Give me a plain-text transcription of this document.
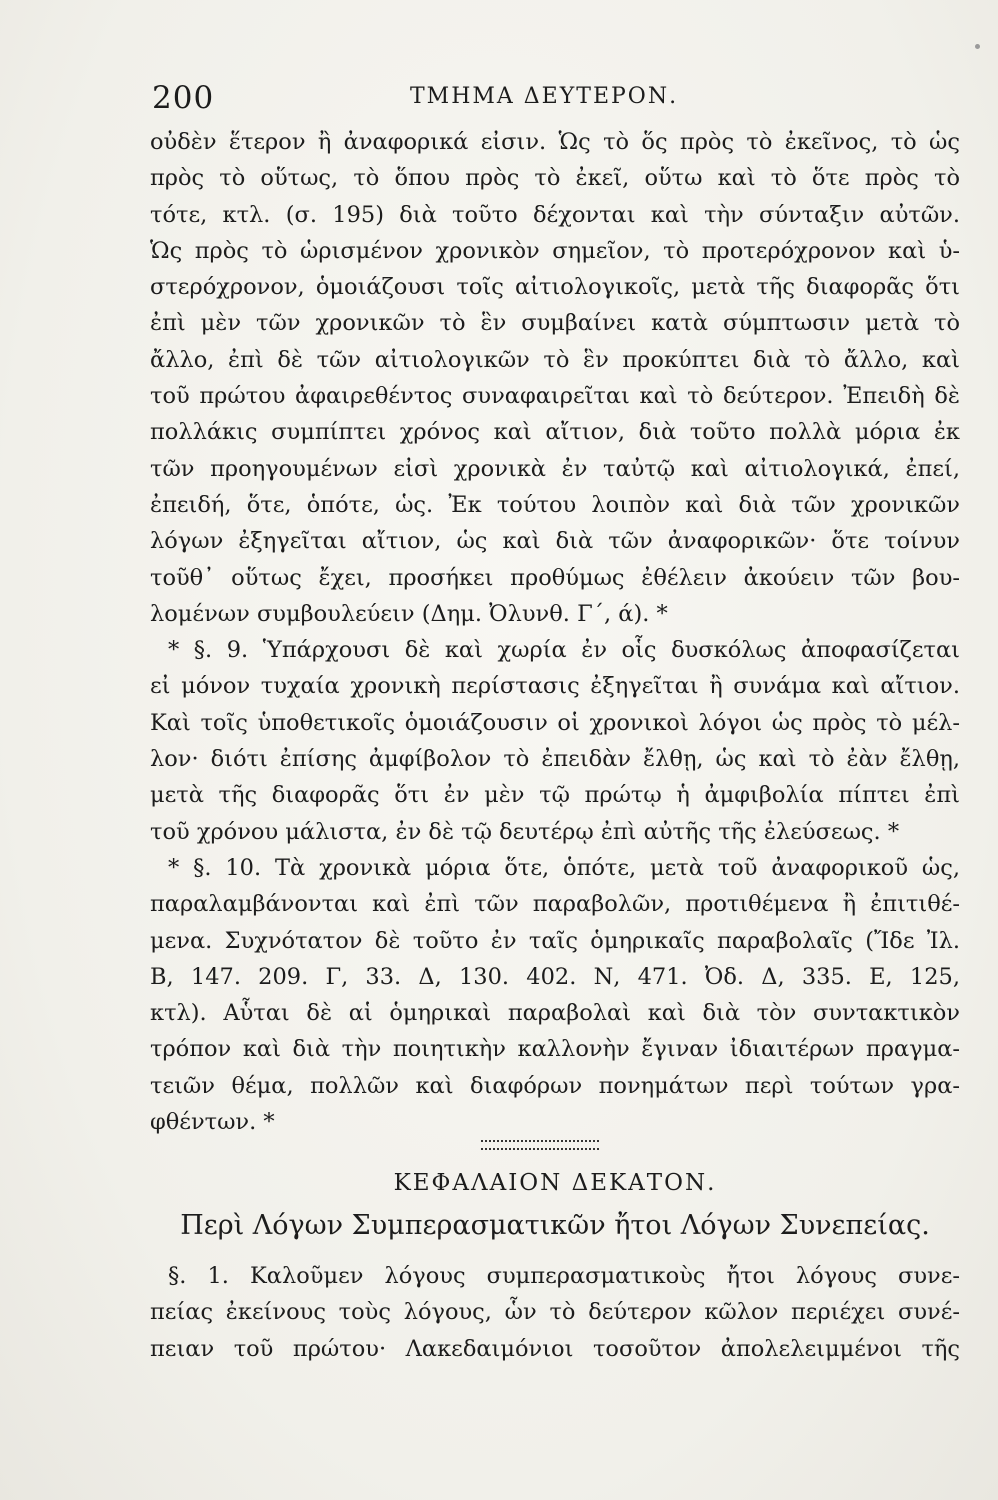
200	ΤΜΗΜΑ ΔΕΥΤΕΡΟΝ.
οὐδὲν ἕτερον ἢ ἀναφορικά εἰσιν. Ὡς τὸ ὅς πρὸς τὸ ἐκεῖνος, τὸ ὡς
πρὸς τὸ οὕτως, τὸ ὅπου πρὸς τὸ ἐκεῖ, οὕτω καὶ τὸ ὅτε πρὸς τὸ
τότε, κτλ. (σ. 195) διὰ τοῦτο δέχονται καὶ τὴν σύνταξιν αὐτῶν.
Ὡς πρὸς τὸ ὡρισμένον χρονικὸν σημεῖον, τὸ προτερόχρονον καὶ ὑ-
στερόχρονον, ὁμοιάζουσι τοῖς αἰτιολογικοῖς, μετὰ τῆς διαφορᾶς ὅτι
ἐπὶ μὲν τῶν χρονικῶν τὸ ἓν συμβαίνει κατὰ σύμπτωσιν μετὰ τὸ
ἄλλο, ἐπὶ δὲ τῶν αἰτιολογικῶν τὸ ἓν προκύπτει διὰ τὸ ἄλλο, καὶ
τοῦ πρώτου ἀφαιρεθέντος συναφαιρεῖται καὶ τὸ δεύτερον. Ἐπειδὴ δὲ
πολλάκις συμπίπτει χρόνος καὶ αἴτιον, διὰ τοῦτο πολλὰ μόρια ἐκ
τῶν προηγουμένων εἰσὶ χρονικὰ ἐν ταὐτῷ καὶ αἰτιολογικά, ἐπεί,
ἐπειδή, ὅτε, ὁπότε, ὡς. Ἐκ τούτου λοιπὸν καὶ διὰ τῶν χρονικῶν
λόγων ἐξηγεῖται αἴτιον, ὡς καὶ διὰ τῶν ἀναφορικῶν· ὅτε τοίνυν
τοῦθ᾽ οὕτως ἔχει, προσήκει προθύμως ἐθέλειν ἀκούειν τῶν βου-
λομένων συμβουλεύειν (Δημ. Ὀλυνθ. Γ΄, ά). *
* §. 9. Ὑπάρχουσι δὲ καὶ χωρία ἐν οἷς δυσκόλως ἀποφασίζεται
εἰ μόνον τυχαία χρονικὴ περίστασις ἐξηγεῖται ἢ συνάμα καὶ αἴτιον.
Καὶ τοῖς ὑποθετικοῖς ὁμοιάζουσιν οἱ χρονικοὶ λόγοι ὡς πρὸς τὸ μέλ-
λον· διότι ἐπίσης ἀμφίβολον τὸ ἐπειδὰν ἔλθῃ, ὡς καὶ τὸ ἐὰν ἔλθῃ,
μετὰ τῆς διαφορᾶς ὅτι ἐν μὲν τῷ πρώτῳ ἡ ἀμφιβολία πίπτει ἐπὶ
τοῦ χρόνου μάλιστα, ἐν δὲ τῷ δευτέρῳ ἐπὶ αὐτῆς τῆς ἐλεύσεως. *
* §. 10. Τὰ χρονικὰ μόρια ὅτε, ὁπότε, μετὰ τοῦ ἀναφορικοῦ ὡς,
παραλαμβάνονται καὶ ἐπὶ τῶν παραβολῶν, προτιθέμενα ἢ ἐπιτιθέ-
μενα. Συχνότατον δὲ τοῦτο ἐν ταῖς ὁμηρικαῖς παραβολαῖς (Ἴδε Ἰλ.
Β, 147. 209. Γ, 33. Δ, 130. 402. Ν, 471. Ὀδ. Δ, 335. Ε, 125,
κτλ). Αὗται δὲ αἱ ὁμηρικαὶ παραβολαὶ καὶ διὰ τὸν συντακτικὸν
τρόπον καὶ διὰ τὴν ποιητικὴν καλλονὴν ἔγιναν ἰδιαιτέρων πραγμα-
τειῶν θέμα, πολλῶν καὶ διαφόρων πονημάτων περὶ τούτων γρα-
φθέντων. *
ΚΕΦΑΛΑΙΟΝ ΔΕΚΑΤΟΝ.
Περὶ Λόγων Συμπερασματικῶν ἤτοι Λόγων Συνεπείας.
§. 1. Καλοῦμεν λόγους συμπερασματικοὺς ἤτοι λόγους συνε-
πείας ἐκείνους τοὺς λόγους, ὧν τὸ δεύτερον κῶλον περιέχει συνέ-
πειαν τοῦ πρώτου· Λακεδαιμόνιοι τοσοῦτον ἀπολελειμμένοι τῆς
